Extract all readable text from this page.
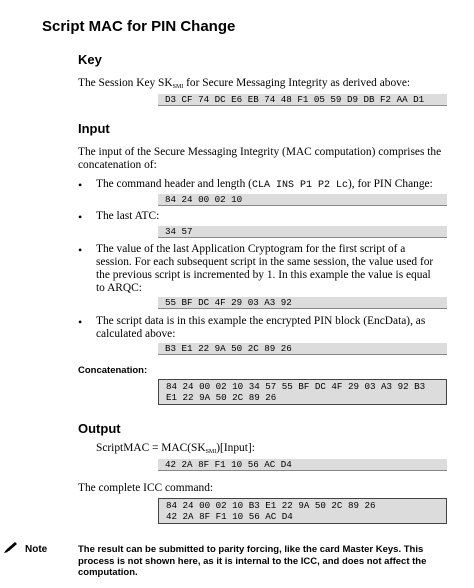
Script MAC for PIN Change
Key
The Session Key $SK_{SMI}$ for Secure Messaging Integrity as derived above:
D3 CF 74 DC E6 EB 74 48 F1 05 59 D9 DB F2 AA D1
Input
The input of the Secure Messaging Integrity (MAC computation) comprises the
concatenation of:
• The command header and length (CLA INS P1 P2 Lc), for PIN Change:
84 24 00 02 10
• The last ATC:
34 57
• The value of the last Application Cryptogram for the first script of a
session. For each subsequent script in the same session, the value used for
the previous script is incremented by 1. In this example the value is equal
to ARQC:
55 BF DC 4F 29 03 A3 92
• The script data is in this example the encrypted PIN block (EncData), as
calculated above:
B3 E1 22 9A 50 2C 89 26
Concatenation:
84 24 00 02 10 34 57 55 BF DC 4F 29 03 A3 92 B3
E1 22 9A 50 2C 89 26
Output
ScriptMAC = $MAC(SK_{SMI})[Input]$:
42 2A 8F F1 10 56 AC D4
The complete ICC command:
84 24 00 02 10 B3 E1 22 9A 50 2C 89 26
42 2A 8F F1 10 56 AC D4
Note	The result can be submitted to parity forcing, like the card Master Keys. This
process is not shown here, as it is internal to the ICC, and does not affect the
computation.
